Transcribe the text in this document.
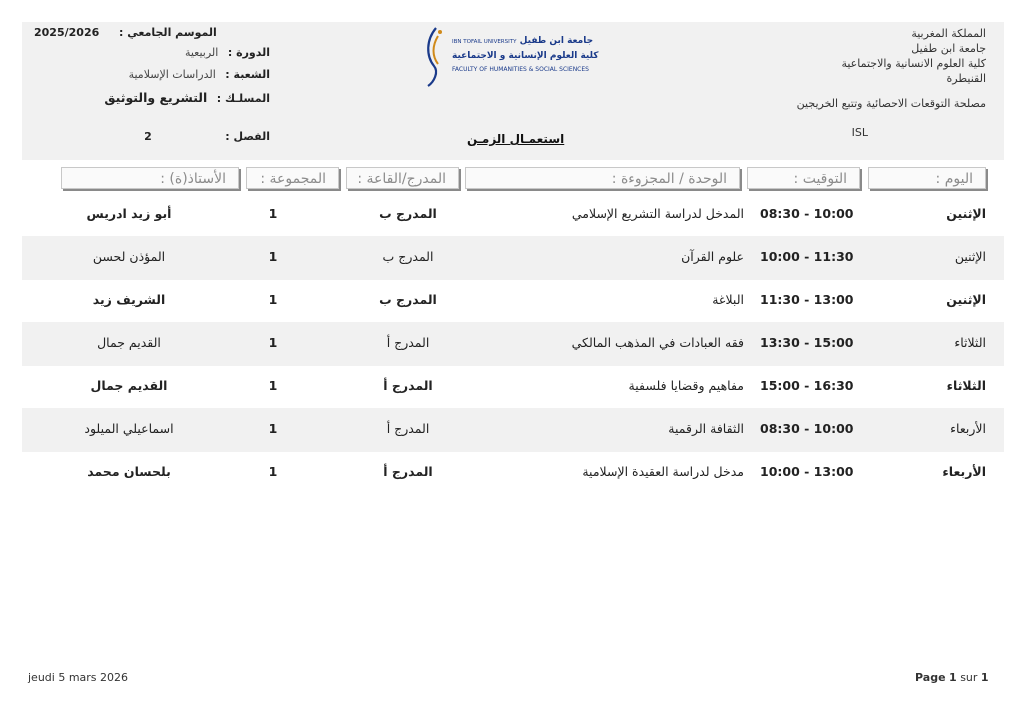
المملكة المغربية
جامعة ابن طفيل
كلية العلوم الانسانية والاجتماعية
القنيطرة
مصلحة التوقعات الاحصائية وتتبع الخريجين
ISL
2025/2026 الموسم الجامعي :
الدورة : الربيعية
الشعبة : الدراسات الإسلامية
المسلـك : التشريع والتوثيق
الفصل : 2
IBN TOFAIL UNIVERSITY جامعة ابن طفيل
كلية العلوم الإنسانية و الاجتماعية
FACULTY OF HUMANITIES & SOCIAL SCIENCES
استعمـال الزمـن
اليوم :
التوقيت :
الوحدة / المجزوءة :
المدرج/القاعة :
المجموعة :
الأستاذ(ة) :
الإثنين
08:30 - 10:00
المدخل لدراسة التشريع الإسلامي
المدرج ب
1
أبو زيد ادريس
الإثنين
10:00 - 11:30
علوم القرآن
المدرج ب
1
المؤذن لحسن
الإثنين
11:30 - 13:00
البلاغة
المدرج ب
1
الشريف زيد
الثلاثاء
13:30 - 15:00
فقه العبادات في المذهب المالكي
المدرج أ
1
القديم جمال
الثلاثاء
15:00 - 16:30
مفاهيم وقضايا فلسفية
المدرج أ
1
القديم جمال
الأربعاء
08:30 - 10:00
الثقافة الرقمية
المدرج أ
1
اسماعيلي الميلود
الأربعاء
10:00 - 13:00
مدخل لدراسة العقيدة الإسلامية
المدرج أ
1
بلحسان محمد
jeudi 5 mars 2026	Page 1 sur 1
